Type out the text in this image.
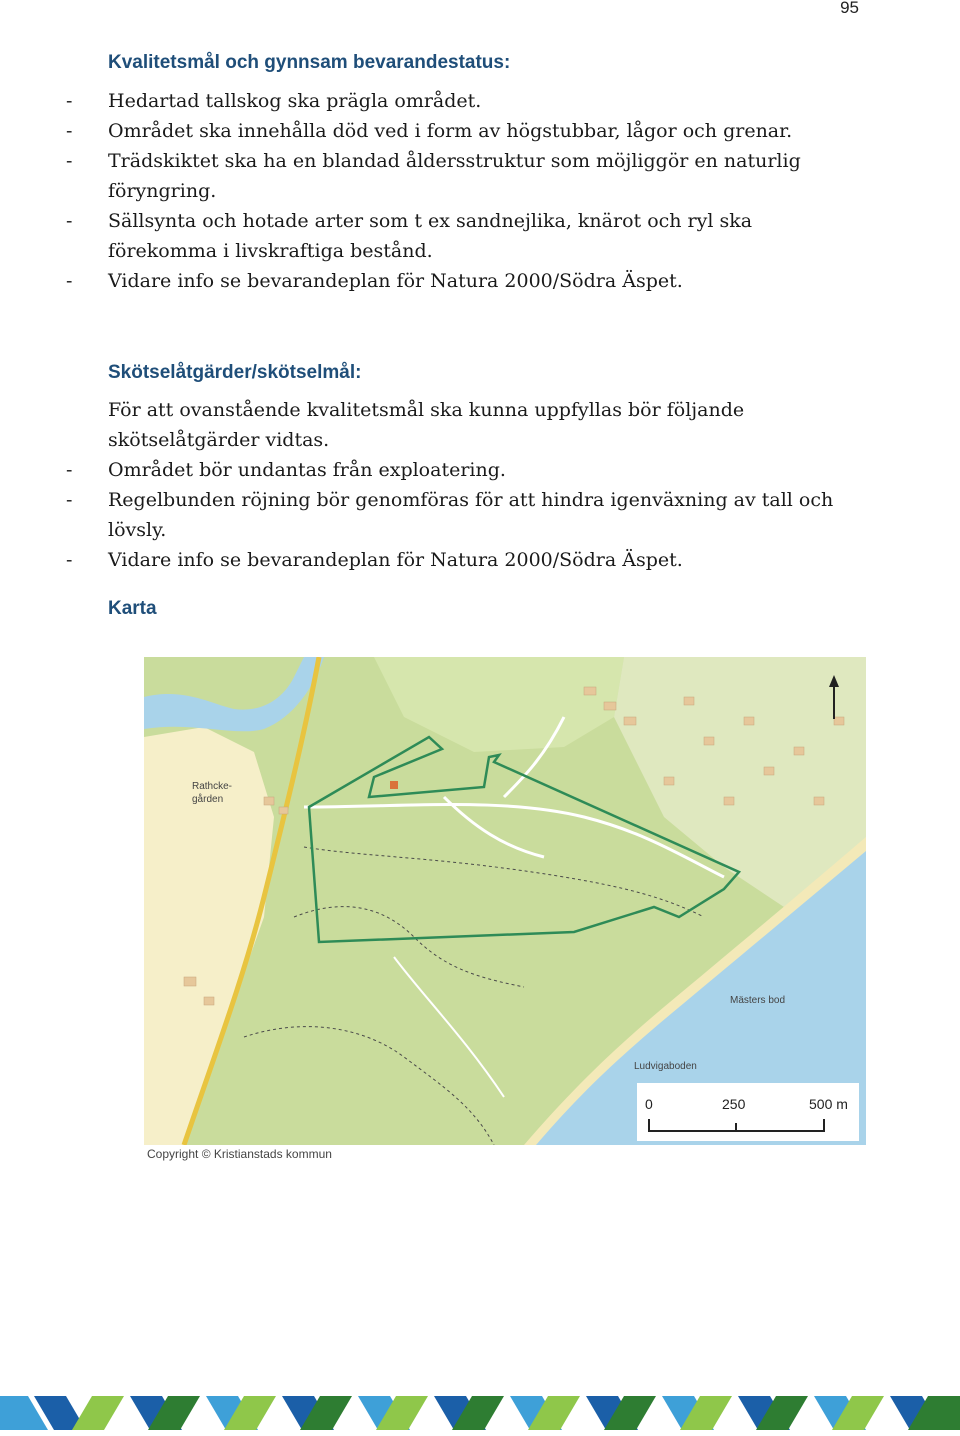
95
Kvalitetsmål och gynnsam bevarandestatus:
- Hedartad tallskog ska prägla området.
- Området ska innehålla död ved i form av högstubbar, lågor och grenar.
- Trädskiktet ska ha en blandad åldersstruktur som möjliggör en naturlig föryngring.
- Sällsynta och hotade arter som t ex sandnejlika, knärot och ryl ska förekomma i livskraftiga bestånd.
- Vidare info se bevarandeplan för Natura 2000/Södra Äspet.
Skötselåtgärder/skötselmål:

För att ovanstående kvalitetsmål ska kunna uppfyllas bör följande skötselåtgärder vidtas.

- Området bör undantas från exploatering.
- Regelbunden röjning bör genomföras för att hindra igenväxning av tall och lövsly.
- Vidare info se bevarandeplan för Natura 2000/Södra Äspet.
Karta
Rathcke-
gården
Mästers bod
Ludvigaboden
0	250	500 m
Copyright © Kristianstads kommun
